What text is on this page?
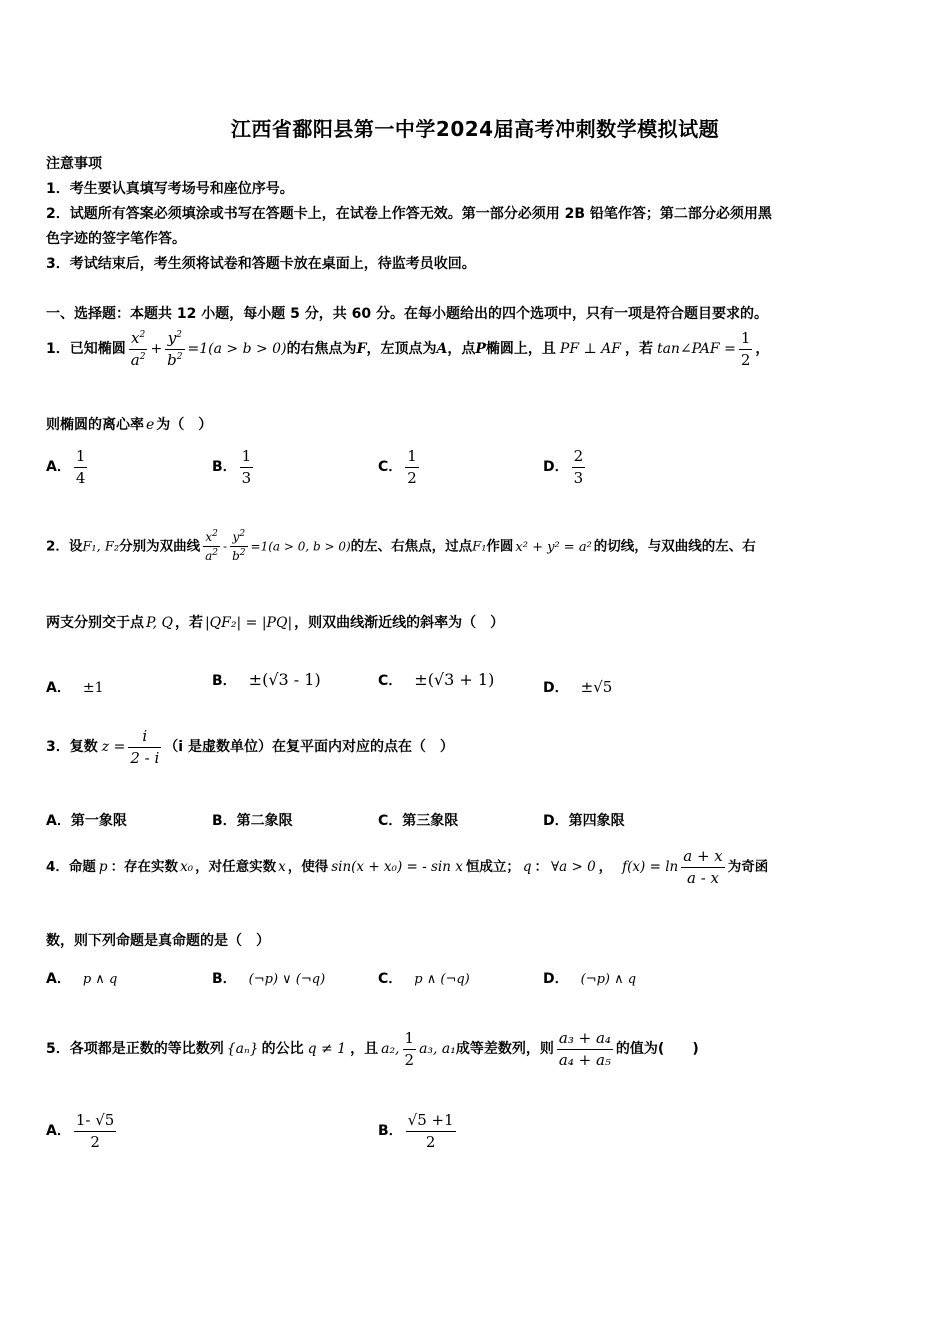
江西省鄱阳县第一中学2024届高考冲刺数学模拟试题
注意事项
1．考生要认真填写考场号和座位序号。
2．试题所有答案必须填涂或书写在答题卡上，在试卷上作答无效。第一部分必须用 2B 铅笔作答；第二部分必须用黑
色字迹的签字笔作答。
3．考试结束后，考生须将试卷和答题卡放在桌面上，待监考员收回。
一、选择题：本题共 12 小题，每小题 5 分，共 60 分。在每小题给出的四个选项中，只有一项是符合题目要求的。
1．已知椭圆 $\frac{x^2}{a^2} + \frac{y^2}{b^2} =1(a > b > 0)$的右焦点为F，左顶点为A，点P椭圆上，且 PF ⊥ AF ，若 tan∠PAF = $\frac{1}{2}$ ，
则椭圆的离心率 e 为（　）
A． $\frac{1}{4}$	B． $\frac{1}{3}$	C． $\frac{1}{2}$	D． $\frac{2}{3}$
2．设F₁, F₂分别为双曲线 $\frac{x^2}{a^2} - \frac{y^2}{b^2} =1(a > 0$, b > 0)的左、右焦点，过点F₁作圆 x² + y² = a² 的切线，与双曲线的左、右
两支分别交于点 P, Q ，若 |QF₂| = |PQ| ，则双曲线渐近线的斜率为（　）
A． ±1	B． ±(√3 - 1)	C． ±(√3 + 1)	D． ±√5
3．复数 $z = \frac{i}{2 - i} (i$ 是虚数单位）在复平面内对应的点在（　）
A．第一象限	B．第二象限	C．第三象限	D．第四象限
4．命题 p ：存在实数 x₀ ，对任意实数 x ，使得 sin(x + x₀) = - sin x 恒成立； q ： ∀a > 0 ， $f(x) = \ln \frac{a + x}{a - x}$ 为奇函
数，则下列命题是真命题的是（　）
A． p ∧ q	B． (¬p) ∨ (¬q)	C． p ∧ (¬q)	D． (¬p) ∧ q
5．各项都是正数的等比数列 {aₙ} 的公比 q ≠ 1 ，且 a₂, $\frac{1}{2} a_3$, a₁成等差数列，则 $\frac{\text{a₃ + a₄}}{\text{a₄ + a₅}}$ 的值为(　　)
A． $\frac{1- √5}{2}$	B． $\frac{√5 +1}{2}$
